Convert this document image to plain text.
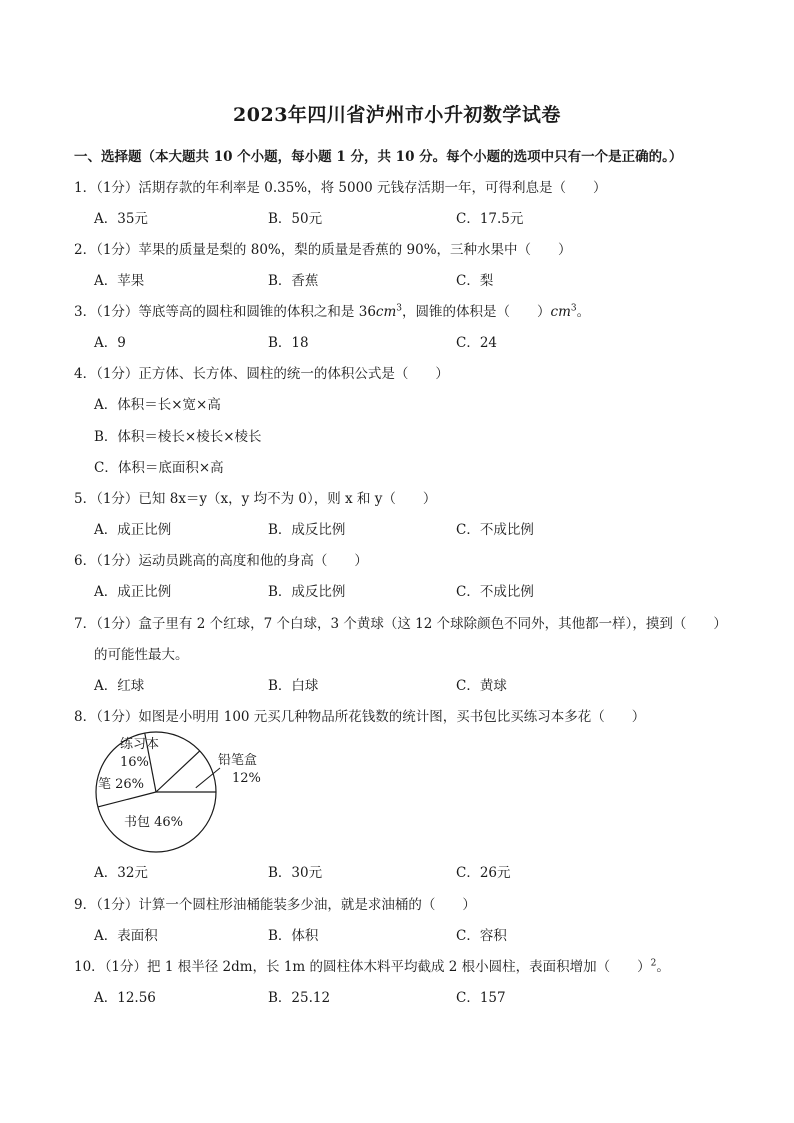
2023年四川省泸州市小升初数学试卷
一、选择题（本大题共 10 个小题，每小题 1 分，共 10 分。每个小题的选项中只有一个是正确的。）
1．（1分）活期存款的年利率是 0.35%，将 5000 元钱存活期一年，可得利息是（　　）
A．35元	B．50元	C．17.5元
2．（1分）苹果的质量是梨的 80%，梨的质量是香蕉的 90%，三种水果中（　　）
A．苹果	B．香蕉	C．梨
3．（1分）等底等高的圆柱和圆锥的体积之和是 $36cm^3$，圆锥的体积是（　　）$cm^3$。
A．9	B．18	C．24
4．（1分）正方体、长方体、圆柱的统一的体积公式是（　　）
A．体积＝长×宽×高
B．体积＝棱长×棱长×棱长
C．体积＝底面积×高
5．（1分）已知 8x＝y（x，y 均不为 0），则 x 和 y（　　）
A．成正比例	B．成反比例	C．不成比例
6．（1分）运动员跳高的高度和他的身高（　　）
A．成正比例	B．成反比例	C．不成比例
7．（1分）盒子里有 2 个红球，7 个白球，3 个黄球（这 12 个球除颜色不同外，其他都一样），摸到（　　）
的可能性最大。
A．红球	B．白球	C．黄球
8．（1分）如图是小明用 100 元买几种物品所花钱数的统计图，买书包比买练习本多花（　　）
铅笔盒
12%
练习本
16%
笔 26%
书包 46%
A．32元	B．30元	C．26元
9．（1分）计算一个圆柱形油桶能装多少油，就是求油桶的（　　）
A．表面积	B．体积	C．容积
10．（1分）把 1 根半径 2dm，长 1m 的圆柱体木料平均截成 2 根小圆柱，表面积增加（　　）$^2$。
A．12.56	B．25.12	C．157
